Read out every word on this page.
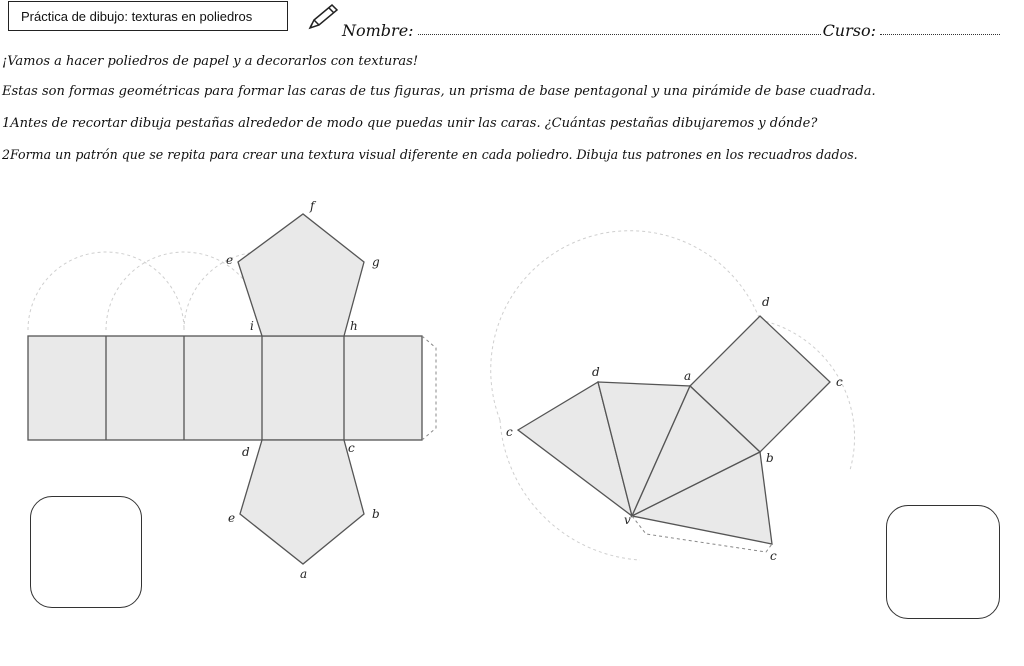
Práctica de dibujo: texturas en poliedros
Nombre:	Curso:
¡Vamos a hacer poliedros de papel y a decorarlos con texturas!
Estas son formas geométricas para formar las caras de tus figuras, un prisma de base pentagonal y una pirámide de base cuadrada.
1Antes de recortar dibuja pestañas alrededor de modo que puedas unir las caras. ¿Cuántas pestañas dibujaremos y dónde?
2Forma un patrón que se repita para crear una textura visual diferente en cada poliedro. Dibuja tus patrones en los recuadros dados.
f
e	g
i	h
d	c
e	b
a
d
c
d	a
c
b
v
c
